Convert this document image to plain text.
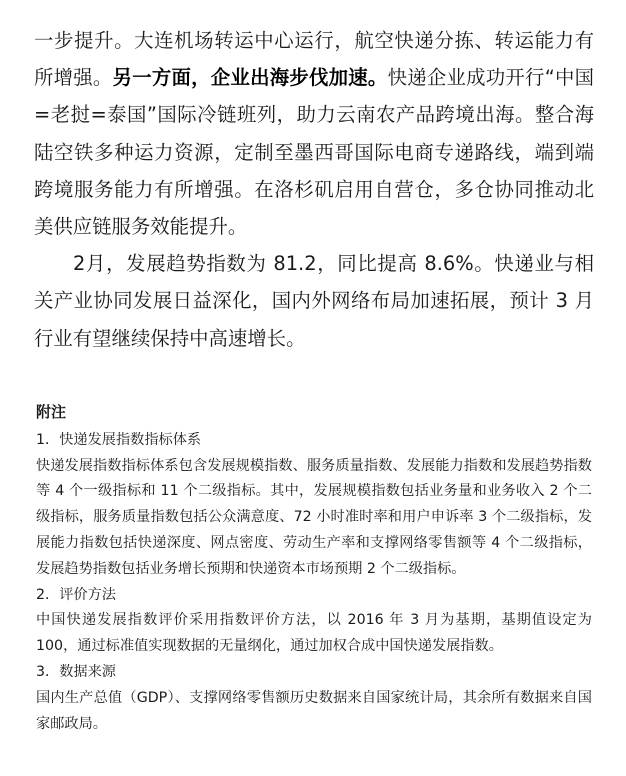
一步提升。大连机场转运中心运行，航空快递分拣、转运能力有所增强。另一方面，企业出海步伐加速。快递企业成功开行“中国=老挝=泰国”国际冷链班列，助力云南农产品跨境出海。整合海陆空铁多种运力资源，定制至墨西哥国际电商专递路线，端到端跨境服务能力有所增强。在洛杉矶启用自营仓，多仓协同推动北美供应链服务效能提升。

2月，发展趋势指数为 81.2，同比提高 8.6%。快递业与相关产业协同发展日益深化，国内外网络布局加速拓展，预计 3 月行业有望继续保持中高速增长。

附注

1．快递发展指数指标体系

快递发展指数指标体系包含发展规模指数、服务质量指数、发展能力指数和发展趋势指数等 4 个一级指标和 11 个二级指标。其中，发展规模指数包括业务量和业务收入 2 个二级指标，服务质量指数包括公众满意度、72 小时准时率和用户申诉率 3 个二级指标，发展能力指数包括快递深度、网点密度、劳动生产率和支撑网络零售额等 4 个二级指标，发展趋势指数包括业务增长预期和快递资本市场预期 2 个二级指标。

2．评价方法

中国快递发展指数评价采用指数评价方法，以 2016 年 3 月为基期，基期值设定为 100，通过标准值实现数据的无量纲化，通过加权合成中国快递发展指数。

3．数据来源

国内生产总值（GDP）、支撑网络零售额历史数据来自国家统计局，其余所有数据来自国家邮政局。
